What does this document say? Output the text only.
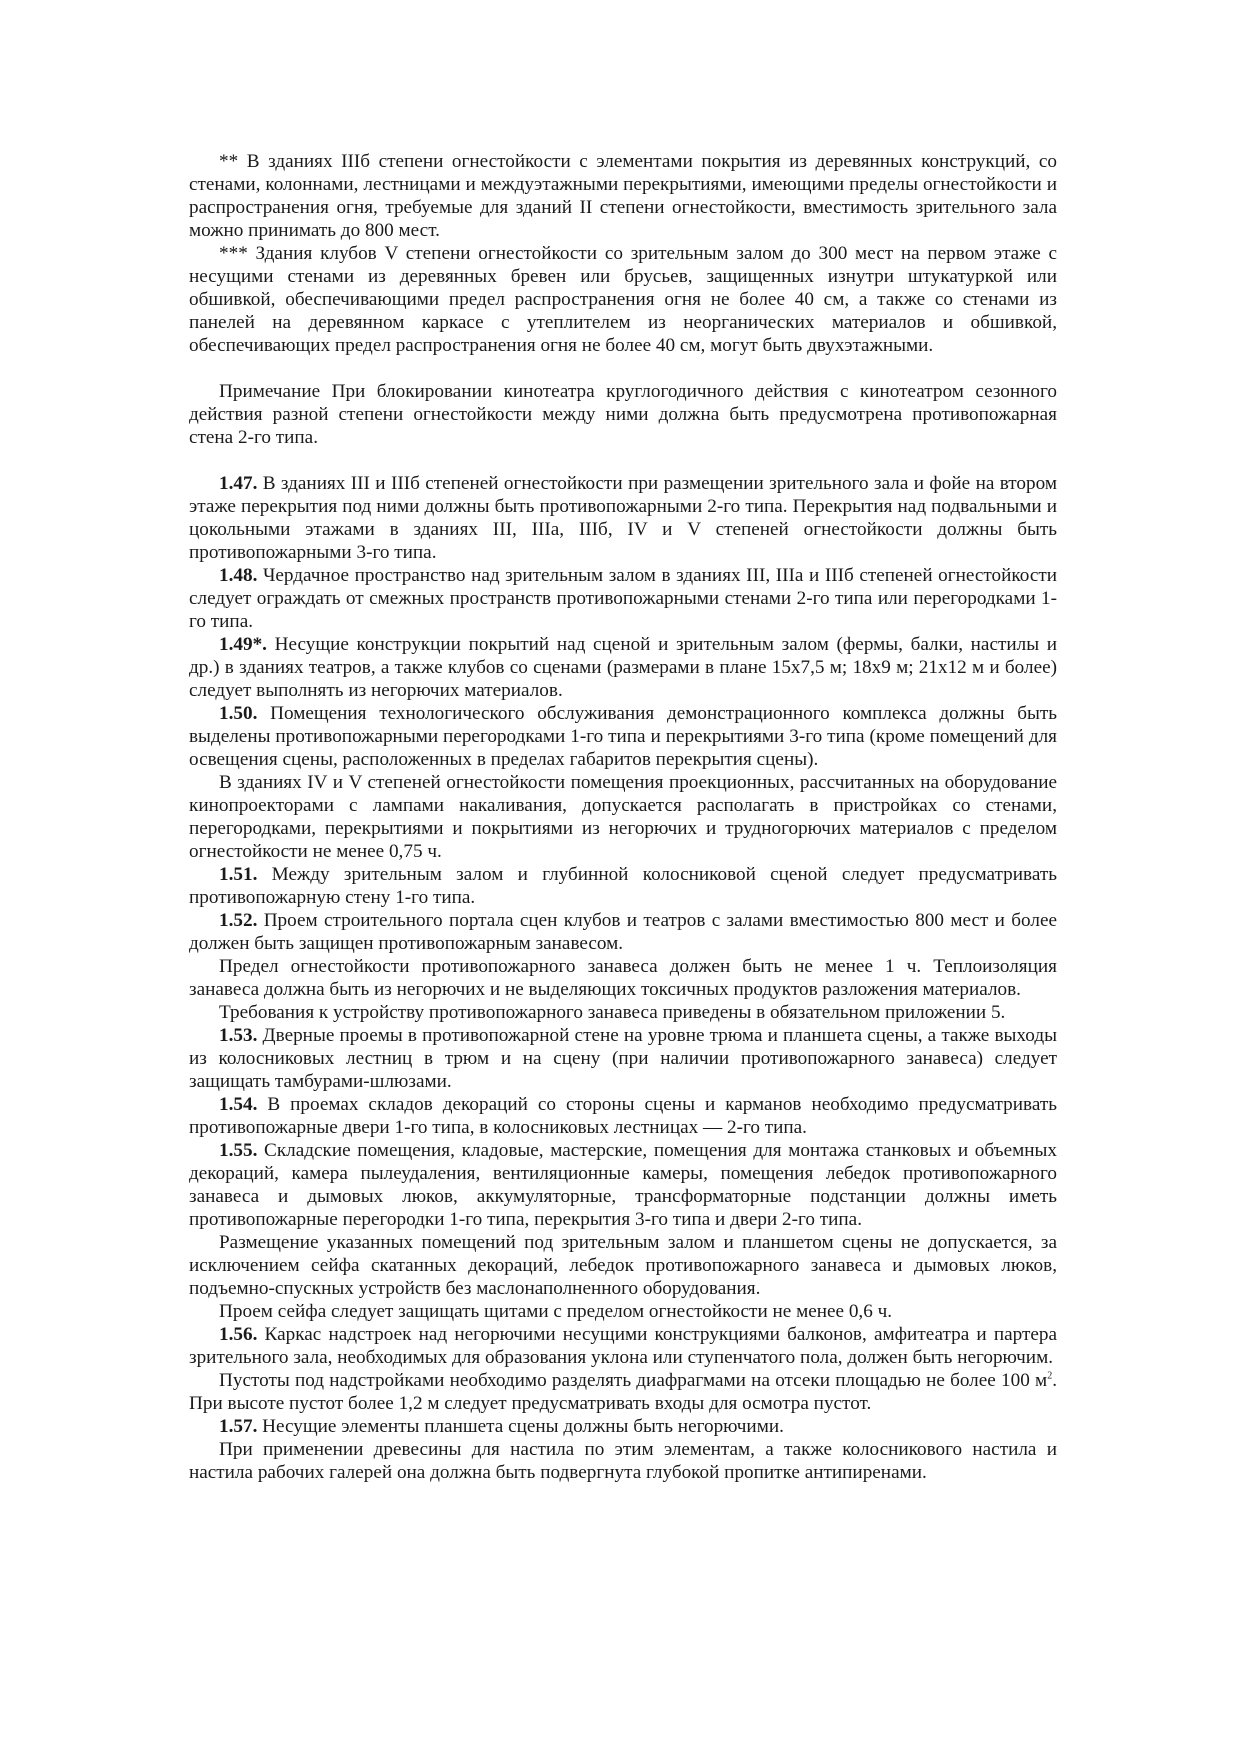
** В зданиях IIIб степени огнестойкости с элементами покрытия из деревянных конструкций, со стенами, колоннами, лестницами и междуэтажными перекрытиями, имеющими пределы огнестойкости и распространения огня, требуемые для зданий II степени огнестойкости, вместимость зрительного зала можно принимать до 800 мест.

*** Здания клубов V степени огнестойкости со зрительным залом до 300 мест на первом этаже с несущими стенами из деревянных бревен или брусьев, защищенных изнутри штукатуркой или обшивкой, обеспечивающими предел распространения огня не более 40 см, а также со стенами из панелей на деревянном каркасе с утеплителем из неорганических материалов и обшивкой, обеспечивающих предел распространения огня не более 40 см, могут быть двухэтажными.

Примечание При блокировании кинотеатра круглогодичного действия с кинотеатром сезонного действия разной степени огнестойкости между ними должна быть предусмотрена противопожарная стена 2-го типа.

1.47. В зданиях III и IIIб степеней огнестойкости при размещении зрительного зала и фойе на втором этаже перекрытия под ними должны быть противопожарными 2-го типа. Перекрытия над подвальными и цокольными этажами в зданиях III, IIIа, IIIб, IV и V степеней огнестойкости должны быть противопожарными 3-го типа.

1.48. Чердачное пространство над зрительным залом в зданиях III, IIIа и IIIб степеней огнестойкости следует ограждать от смежных пространств противопожарными стенами 2-го типа или перегородками 1-го типа.

1.49*. Несущие конструкции покрытий над сценой и зрительным залом (фермы, балки, настилы и др.) в зданиях театров, а также клубов со сценами (размерами в плане 15х7,5 м; 18х9 м; 21х12 м и более) следует выполнять из негорючих материалов.

1.50. Помещения технологического обслуживания демонстрационного комплекса должны быть выделены противопожарными перегородками 1-го типа и перекрытиями 3-го типа (кроме помещений для освещения сцены, расположенных в пределах габаритов перекрытия сцены).

В зданиях IV и V степеней огнестойкости помещения проекционных, рассчитанных на оборудование кинопроекторами с лампами накаливания, допускается располагать в пристройках со стенами, перегородками, перекрытиями и покрытиями из негорючих и трудногорючих материалов с пределом огнестойкости не менее 0,75 ч.

1.51. Между зрительным залом и глубинной колосниковой сценой следует предусматривать противопожарную стену 1-го типа.

1.52. Проем строительного портала сцен клубов и театров с залами вместимостью 800 мест и более должен быть защищен противопожарным занавесом.

Предел огнестойкости противопожарного занавеса должен быть не менее 1 ч. Теплоизоляция занавеса должна быть из негорючих и не выделяющих токсичных продуктов разложения материалов.

Требования к устройству противопожарного занавеса приведены в обязательном приложении 5.

1.53. Дверные проемы в противопожарной стене на уровне трюма и планшета сцены, а также выходы из колосниковых лестниц в трюм и на сцену (при наличии противопожарного занавеса) следует защищать тамбурами-шлюзами.

1.54. В проемах складов декораций со стороны сцены и карманов необходимо предусматривать противопожарные двери 1-го типа, в колосниковых лестницах — 2-го типа.

1.55. Складские помещения, кладовые, мастерские, помещения для монтажа станковых и объемных декораций, камера пылеудаления, вентиляционные камеры, помещения лебедок противопожарного занавеса и дымовых люков, аккумуляторные, трансформаторные подстанции должны иметь противопожарные перегородки 1-го типа, перекрытия 3-го типа и двери 2-го типа.

Размещение указанных помещений под зрительным залом и планшетом сцены не допускается, за исключением сейфа скатанных декораций, лебедок противопожарного занавеса и дымовых люков, подъемно-спускных устройств без маслонаполненного оборудования.

Проем сейфа следует защищать щитами с пределом огнестойкости не менее 0,6 ч.

1.56. Каркас надстроек над негорючими несущими конструкциями балконов, амфитеатра и партера зрительного зала, необходимых для образования уклона или ступенчатого пола, должен быть негорючим.

Пустоты под надстройками необходимо разделять диафрагмами на отсеки площадью не более 100 $м^2$. При высоте пустот более 1,2 м следует предусматривать входы для осмотра пустот.

1.57. Несущие элементы планшета сцены должны быть негорючими.

При применении древесины для настила по этим элементам, а также колосникового настила и настила рабочих галерей она должна быть подвергнута глубокой пропитке антипиренами.
